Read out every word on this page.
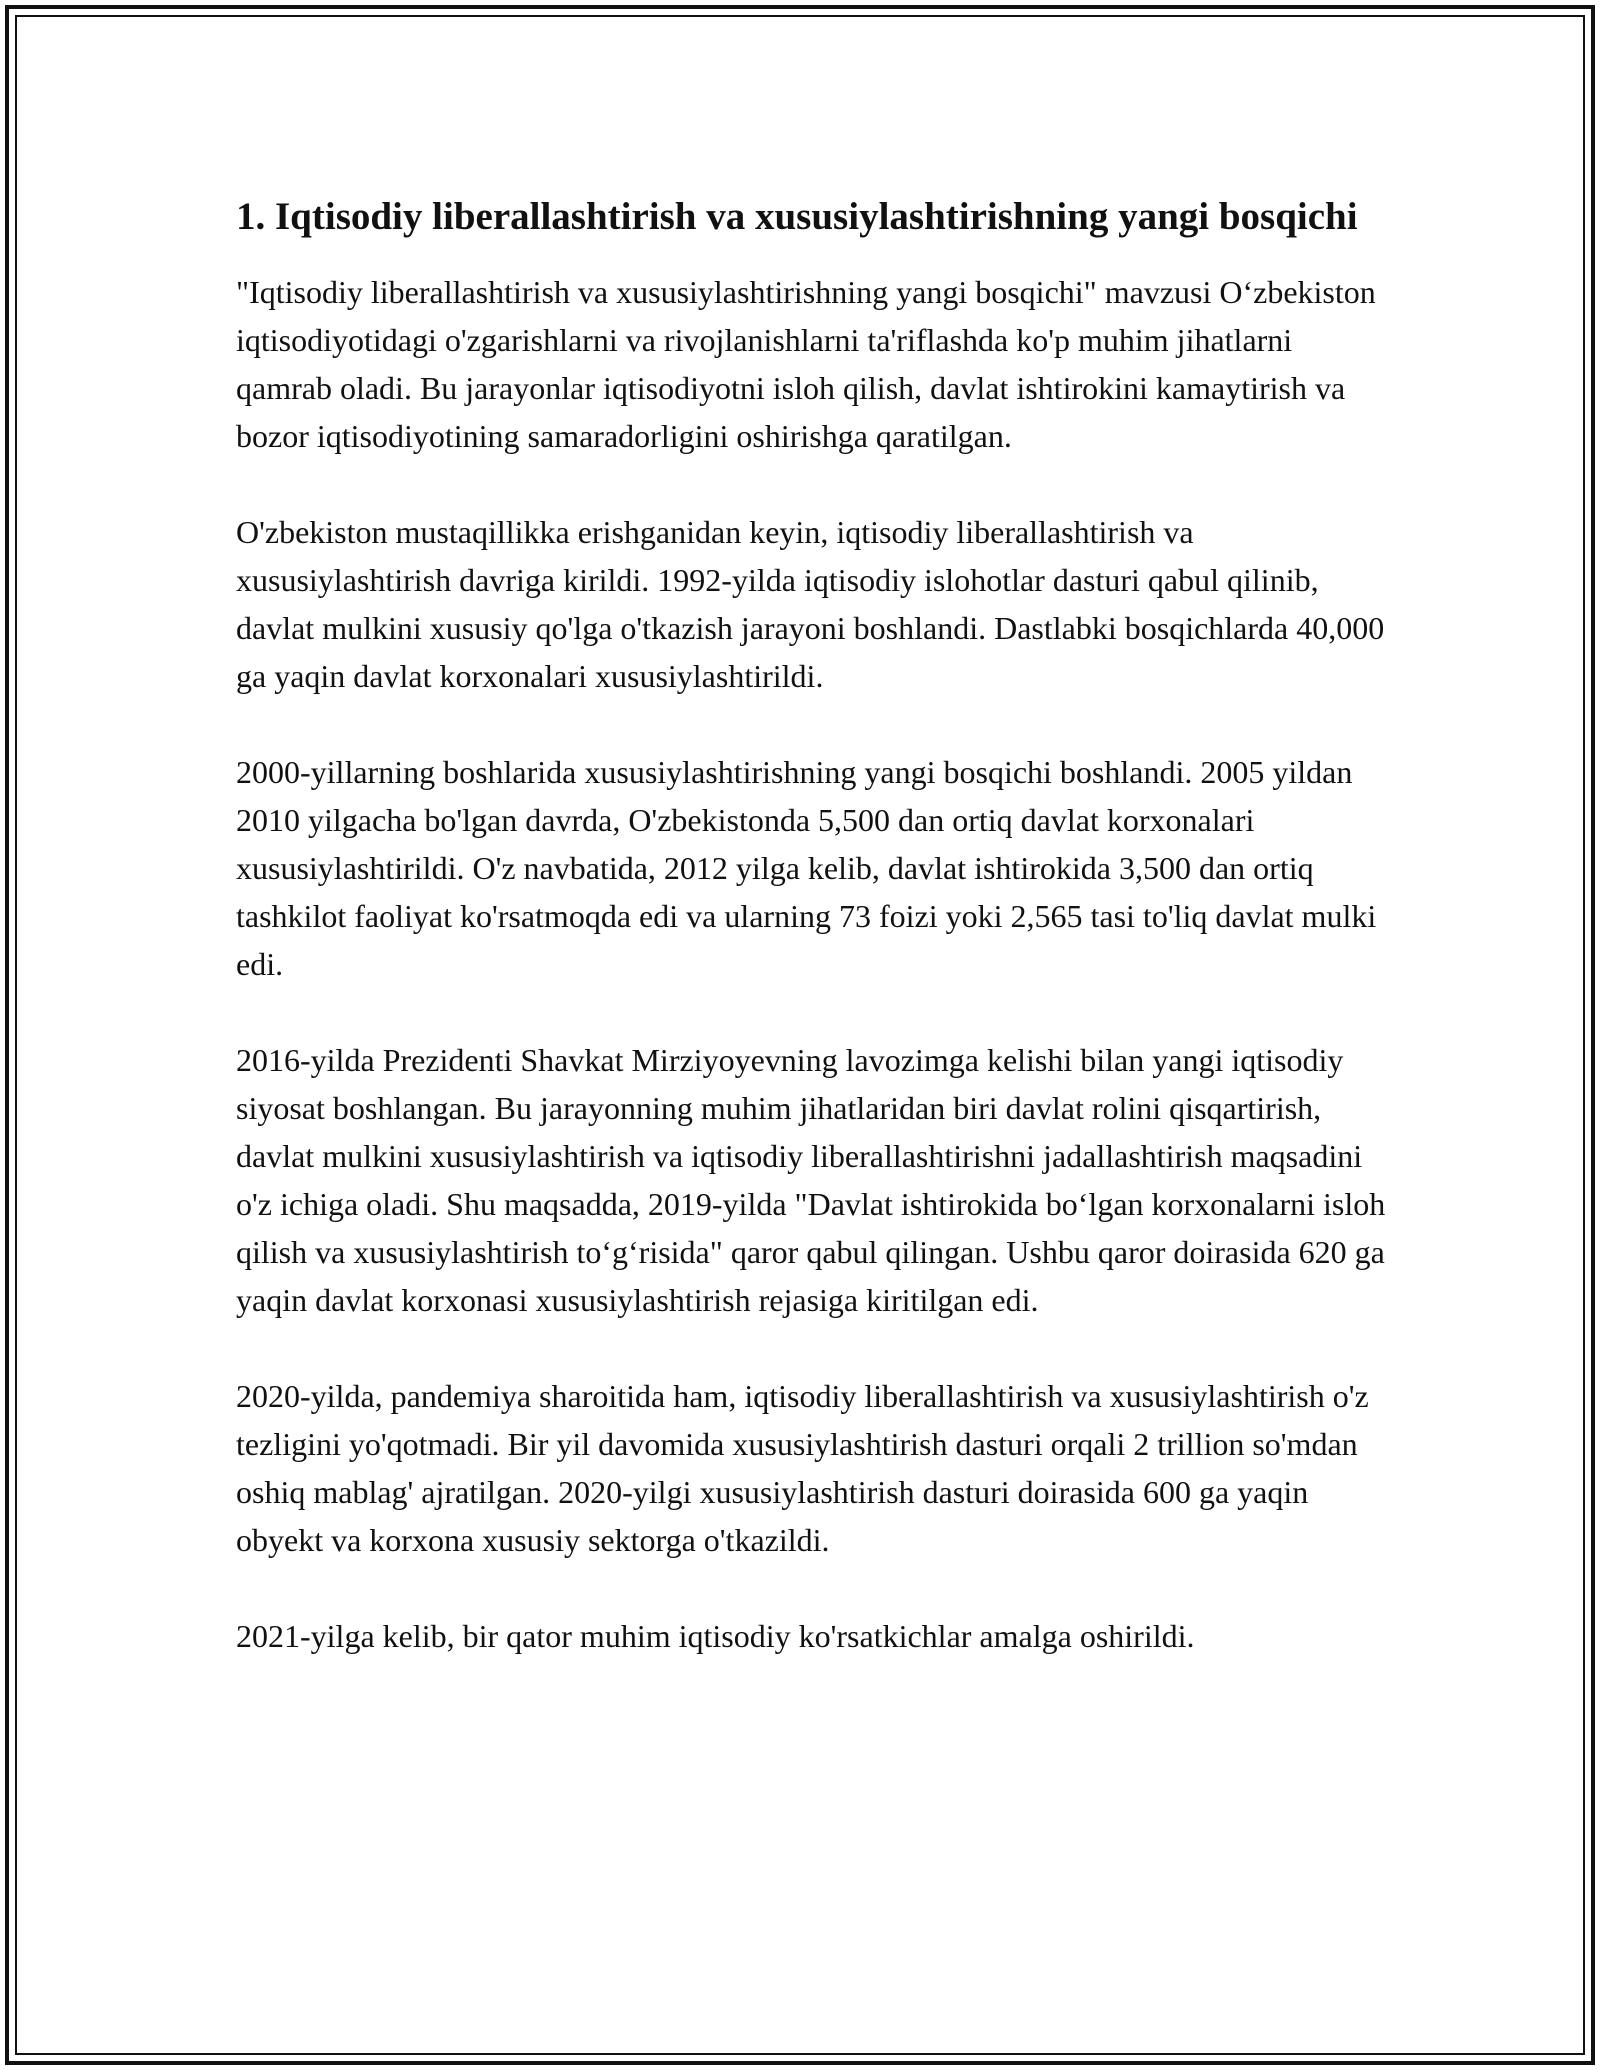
1. Iqtisodiy liberallashtirish va xususiylashtirishning yangi bosqichi

"Iqtisodiy liberallashtirish va xususiylashtirishning yangi bosqichi" mavzusi O‘zbekiston iqtisodiyotidagi o'zgarishlarni va rivojlanishlarni ta'riflashda ko'p muhim jihatlarni qamrab oladi. Bu jarayonlar iqtisodiyotni isloh qilish, davlat ishtirokini kamaytirish va bozor iqtisodiyotining samaradorligini oshirishga qaratilgan.

O'zbekiston mustaqillikka erishganidan keyin, iqtisodiy liberallashtirish va xususiylashtirish davriga kirildi. 1992-yilda iqtisodiy islohotlar dasturi qabul qilinib, davlat mulkini xususiy qo'lga o'tkazish jarayoni boshlandi. Dastlabki bosqichlarda 40,000 ga yaqin davlat korxonalari xususiylashtirildi.

2000-yillarning boshlarida xususiylashtirishning yangi bosqichi boshlandi. 2005 yildan 2010 yilgacha bo'lgan davrda, O'zbekistonda 5,500 dan ortiq davlat korxonalari xususiylashtirildi. O'z navbatida, 2012 yilga kelib, davlat ishtirokida 3,500 dan ortiq tashkilot faoliyat ko'rsatmoqda edi va ularning 73 foizi yoki 2,565 tasi to'liq davlat mulki edi.

2016-yilda Prezidenti Shavkat Mirziyoyevning lavozimga kelishi bilan yangi iqtisodiy siyosat boshlangan. Bu jarayonning muhim jihatlaridan biri davlat rolini qisqartirish, davlat mulkini xususiylashtirish va iqtisodiy liberallashtirishni jadallashtirish maqsadini o'z ichiga oladi. Shu maqsadda, 2019-yilda "Davlat ishtirokida bo‘lgan korxonalarni isloh qilish va xususiylashtirish to‘g‘risida" qaror qabul qilingan. Ushbu qaror doirasida 620 ga yaqin davlat korxonasi xususiylashtirish rejasiga kiritilgan edi.

2020-yilda, pandemiya sharoitida ham, iqtisodiy liberallashtirish va xususiylashtirish o'z tezligini yo'qotmadi. Bir yil davomida xususiylashtirish dasturi orqali 2 trillion so'mdan oshiq mablag' ajratilgan. 2020-yilgi xususiylashtirish dasturi doirasida 600 ga yaqin obyekt va korxona xususiy sektorga o'tkazildi.

2021-yilga kelib, bir qator muhim iqtisodiy ko'rsatkichlar amalga oshirildi.
